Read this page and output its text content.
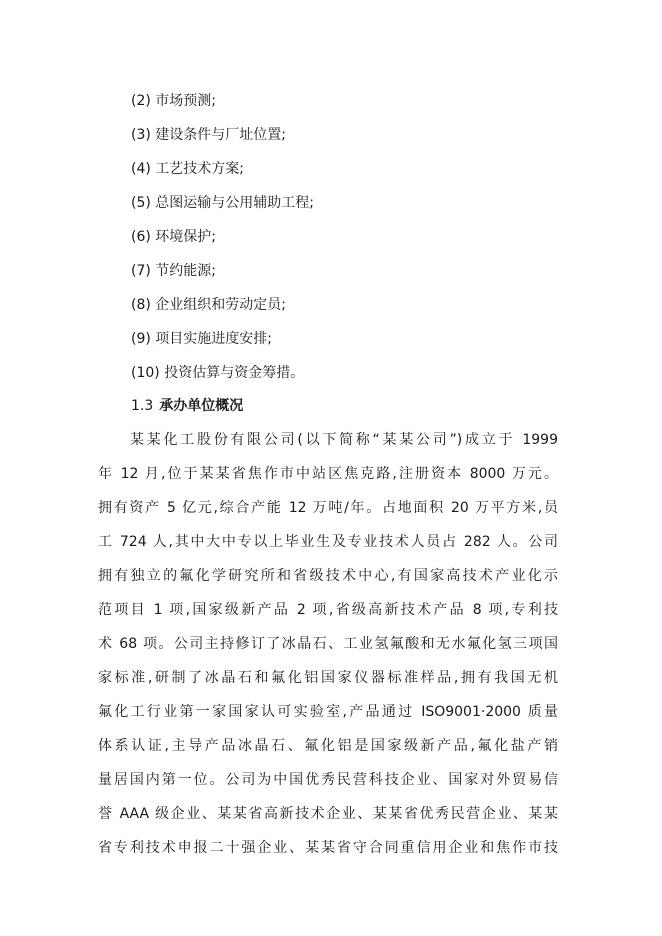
(2) 市场预测;
(3) 建设条件与厂址位置;
(4) 工艺技术方案;
(5) 总图运输与公用辅助工程;
(6) 环境保护;
(7) 节约能源;
(8) 企业组织和劳动定员;
(9) 项目实施进度安排;
(10) 投资估算与资金筹措。
1.3 承办单位概况

某某化工股份有限公司(以下简称“某某公司”)成立于 1999
年 12 月,位于某某省焦作市中站区焦克路,注册资本 8000 万元。
拥有资产 5 亿元,综合产能 12 万吨/年。占地面积 20 万平方米,员
工 724 人,其中大中专以上毕业生及专业技术人员占 282 人。公司
拥有独立的氟化学研究所和省级技术中心,有国家高技术产业化示
范项目 1 项,国家级新产品 2 项,省级高新技术产品 8 项,专利技
术 68 项。公司主持修订了冰晶石、工业氢氟酸和无水氟化氢三项国
家标准,研制了冰晶石和氟化铝国家仪器标准样品,拥有我国无机
氟化工行业第一家国家认可实验室,产品通过 ISO9001·2000 质量
体系认证,主导产品冰晶石、氟化铝是国家级新产品,氟化盐产销
量居国内第一位。公司为中国优秀民营科技企业、国家对外贸易信
誉 AAA 级企业、某某省高新技术企业、某某省优秀民营企业、某某
省专利技术申报二十强企业、某某省守合同重信用企业和焦作市技
